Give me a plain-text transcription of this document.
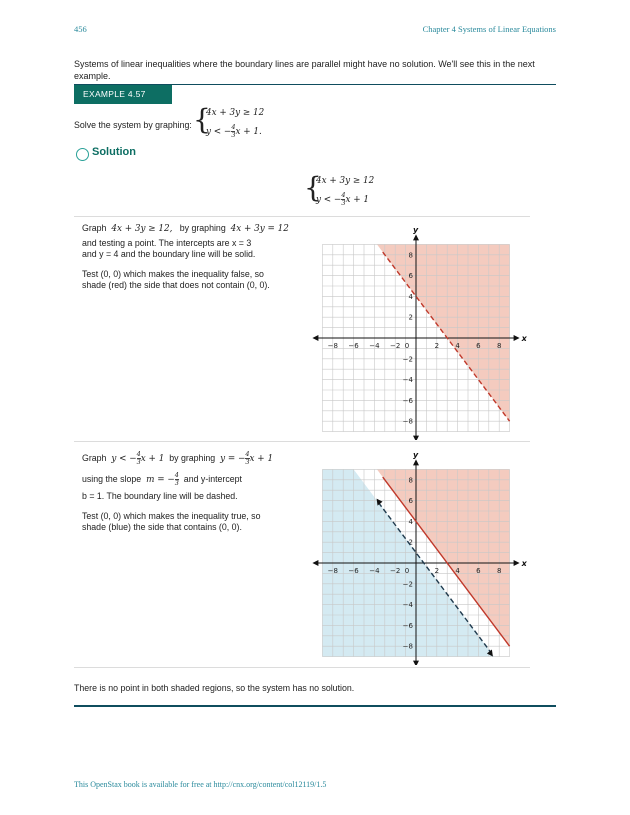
456	Chapter 4 Systems of Linear Equations
Systems of linear inequalities where the boundary lines are parallel might have no solution. We'll see this in the next example.
EXAMPLE 4.57
Solve the system by graphing: {
4x + 3y ≥ 12
y < − $\frac{4}{3}$ x + 1.
Solution
{
4x + 3y ≥ 12
y < − $\frac{4}{3}$ x + 1
Graph 4x + 3y ≥ 12, by graphing 4x + 3y = 12
and testing a point. The intercepts are x = 3
and y = 4 and the boundary line will be solid.
Test (0, 0) which makes the inequality false, so
shade (red) the side that does not contain (0, 0).
x
y
−8 −6 −4 −2 0	2 4 6 8
8
6
4
2
−2
−4
−6
−8
Graph y < − $\frac{4}{3}$ x + 1 by graphing y = − $\frac{4}{3}$ x + 1
using the slope m = − $\frac{4}{3}$ and y-intercept
b = 1. The boundary line will be dashed.
Test (0, 0) which makes the inequality true, so
shade (blue) the side that contains (0, 0).
x
y
−8 −6 −4 −2 0	2 4 6 8
8
6
4
2
−2
−4
−6
−8
There is no point in both shaded regions, so the system has no solution.
This OpenStax book is available for free at http://cnx.org/content/col12119/1.5
